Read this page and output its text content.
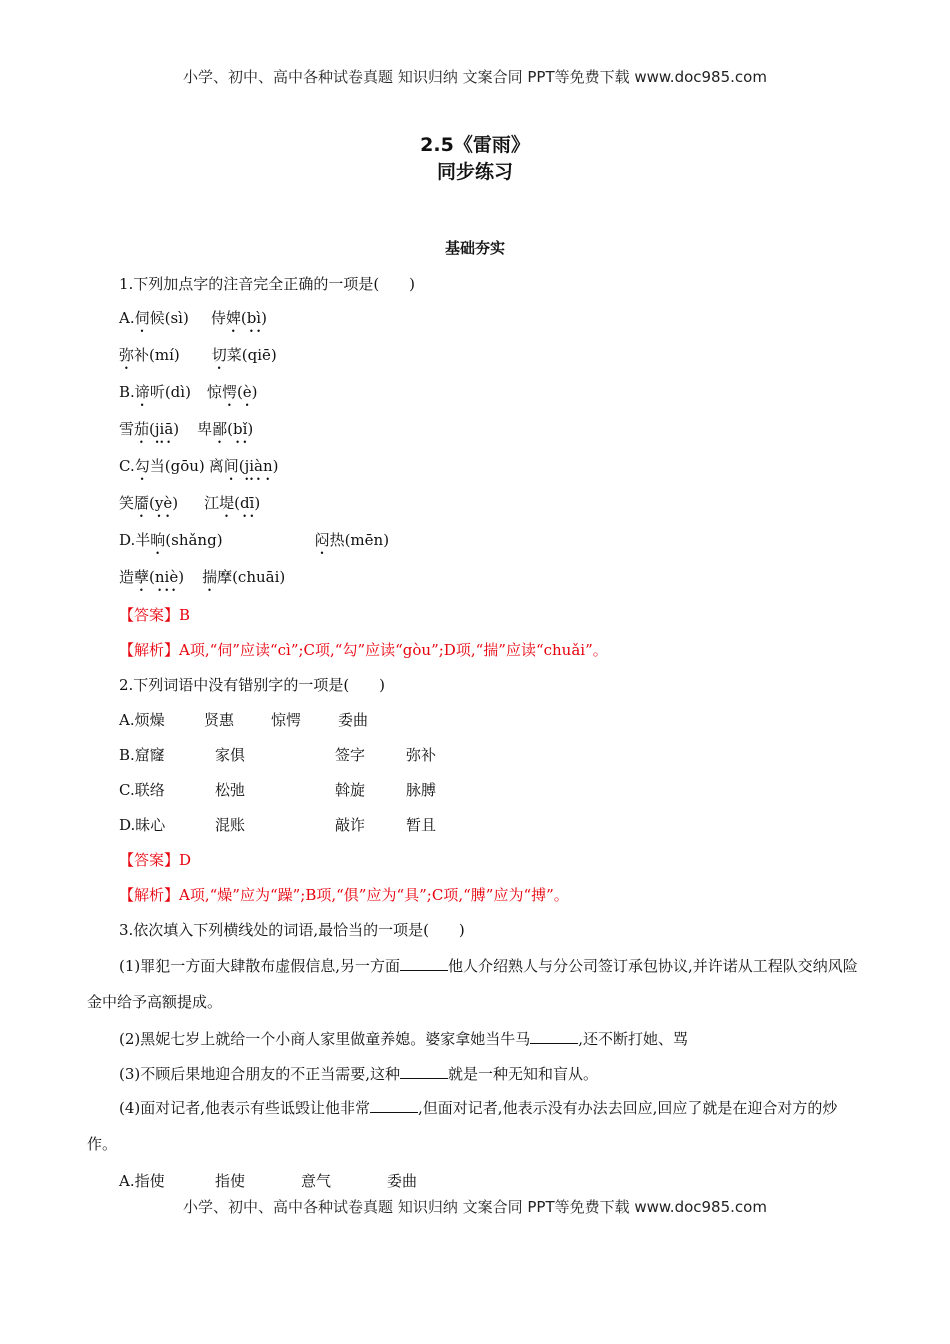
小学、初中、高中各种试卷真题 知识归纳 文案合同 PPT等免费下载 www.doc985.com
2.5《雷雨》
同步练习
基础夯实
1.下列加点字的注音完全正确的一项是(　　)
A.伺候(sì) 侍婢(bì)
弥补(mí) 切菜(qiē)
B.谛听(dì) 惊愕(è)
雪茄(jiā) 卑鄙(bǐ)
C.勾当(gōu) 离间(jiàn)
笑靥(yè) 江堤(dī)
D.半晌(shǎng)	闷热(mēn)
造孽(niè) 揣摩(chuāi)
【答案】B
【解析】A项,“伺”应读“cì”;C项,“勾”应读“gòu”;D项,“揣”应读“chuǎi”。
2.下列词语中没有错别字的一项是(　　)
A.烦燥	贤惠 惊愕 委曲
B.窟窿	家俱	签字	弥补
C.联络	松弛	斡旋	脉膊
D.昧心	混账	敲诈	暂且
【答案】D
【解析】A项,“燥”应为“躁”;B项,“俱”应为“具”;C项,“膊”应为“搏”。
3.依次填入下列横线处的词语,最恰当的一项是(　　)
(1)罪犯一方面大肆散布虚假信息,另一方面	他人介绍熟人与分公司签订承包协议,并许诺从工程队交纳风险金中给予高额提成。
(2)黑妮七岁上就给一个小商人家里做童养媳。婆家拿她当牛马	,还不断打她、骂
(3)不顾后果地迎合朋友的不正当需要,这种	就是一种无知和盲从。
(4)面对记者,他表示有些诋毁让他非常	,但面对记者,他表示没有办法去回应,回应了就是在迎合对方的炒作。
A.指使	指使	意气	委曲
小学、初中、高中各种试卷真题 知识归纳 文案合同 PPT等免费下载 www.doc985.com
